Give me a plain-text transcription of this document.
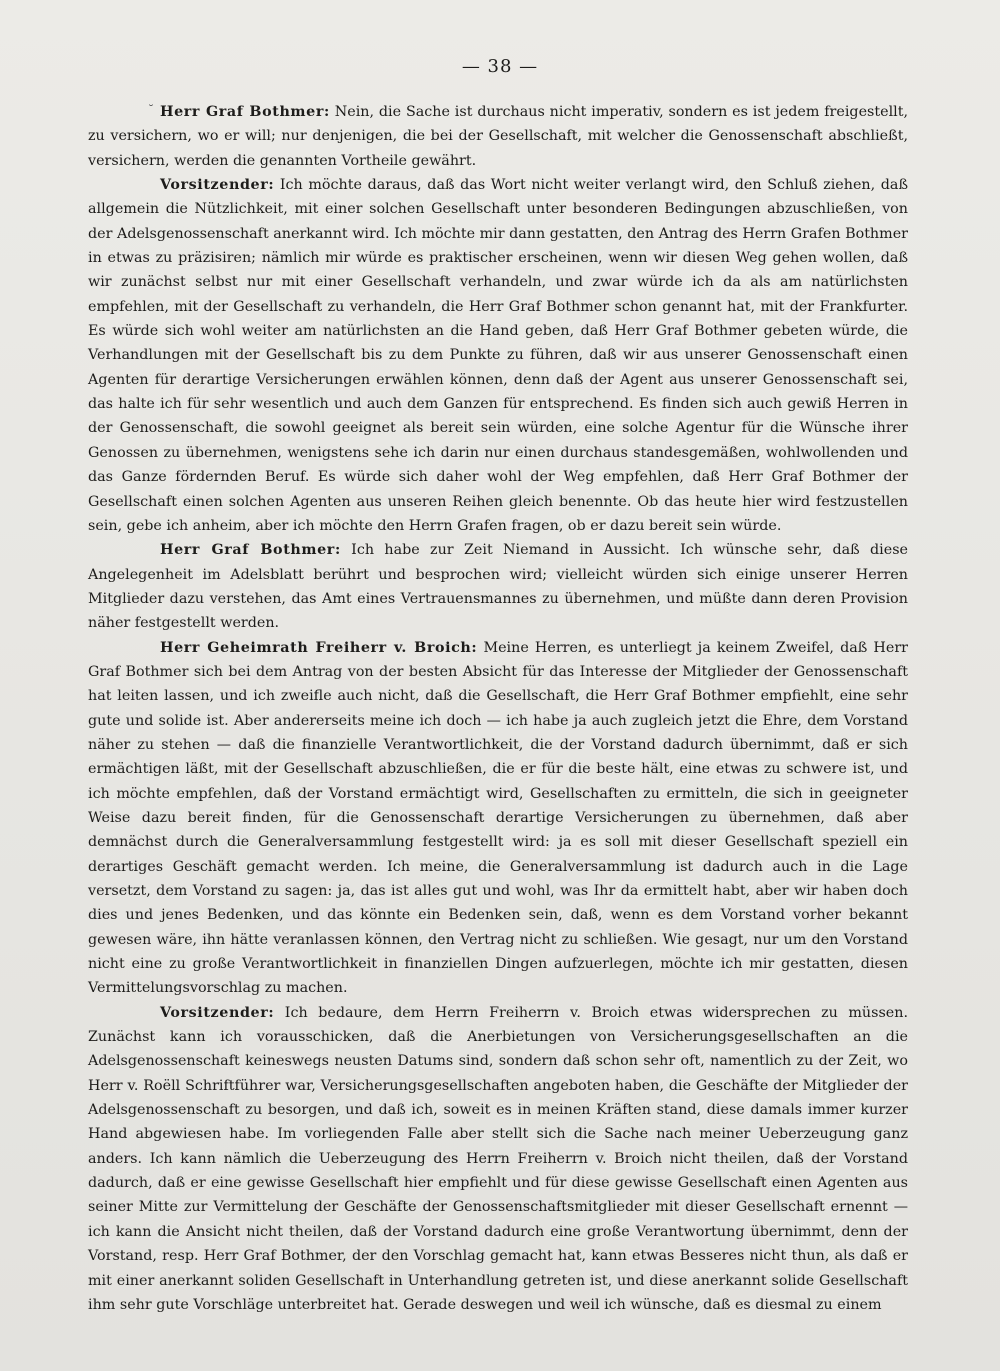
— 38 —
˘ Herr Graf Bothmer: Nein, die Sache ist durchaus nicht imperativ, sondern es ist jedem freigestellt, zu versichern, wo er will; nur denjenigen, die bei der Gesellschaft, mit welcher die Genossenschaft abschließt, versichern, werden die genannten Vortheile gewährt.

Vorsitzender: Ich möchte daraus, daß das Wort nicht weiter verlangt wird, den Schluß ziehen, daß allgemein die Nützlichkeit, mit einer solchen Gesellschaft unter besonderen Bedingungen abzuschließen, von der Adelsgenossenschaft anerkannt wird. Ich möchte mir dann gestatten, den Antrag des Herrn Grafen Bothmer in etwas zu präzisiren; nämlich mir würde es praktischer erscheinen, wenn wir diesen Weg gehen wollen, daß wir zunächst selbst nur mit einer Gesellschaft verhandeln, und zwar würde ich da als am natürlichsten empfehlen, mit der Gesellschaft zu verhandeln, die Herr Graf Bothmer schon genannt hat, mit der Frankfurter. Es würde sich wohl weiter am natürlichsten an die Hand geben, daß Herr Graf Bothmer gebeten würde, die Verhandlungen mit der Gesellschaft bis zu dem Punkte zu führen, daß wir aus unserer Genossenschaft einen Agenten für derartige Versicherungen erwählen können, denn daß der Agent aus unserer Genossenschaft sei, das halte ich für sehr wesentlich und auch dem Ganzen für entsprechend. Es finden sich auch gewiß Herren in der Genossenschaft, die sowohl geeignet als bereit sein würden, eine solche Agentur für die Wünsche ihrer Genossen zu übernehmen, wenigstens sehe ich darin nur einen durchaus standesgemäßen, wohlwollenden und das Ganze fördernden Beruf. Es würde sich daher wohl der Weg empfehlen, daß Herr Graf Bothmer der Gesellschaft einen solchen Agenten aus unseren Reihen gleich benennte. Ob das heute hier wird festzustellen sein, gebe ich anheim, aber ich möchte den Herrn Grafen fragen, ob er dazu bereit sein würde.

Herr Graf Bothmer: Ich habe zur Zeit Niemand in Aussicht. Ich wünsche sehr, daß diese Angelegenheit im Adelsblatt berührt und besprochen wird; vielleicht würden sich einige unserer Herren Mitglieder dazu verstehen, das Amt eines Vertrauensmannes zu übernehmen, und müßte dann deren Provision näher festgestellt werden.

Herr Geheimrath Freiherr v. Broich: Meine Herren, es unterliegt ja keinem Zweifel, daß Herr Graf Bothmer sich bei dem Antrag von der besten Absicht für das Interesse der Mitglieder der Genossenschaft hat leiten lassen, und ich zweifle auch nicht, daß die Gesellschaft, die Herr Graf Bothmer empfiehlt, eine sehr gute und solide ist. Aber andererseits meine ich doch — ich habe ja auch zugleich jetzt die Ehre, dem Vorstand näher zu stehen — daß die finanzielle Verantwortlichkeit, die der Vorstand dadurch übernimmt, daß er sich ermächtigen läßt, mit der Gesellschaft abzuschließen, die er für die beste hält, eine etwas zu schwere ist, und ich möchte empfehlen, daß der Vorstand ermächtigt wird, Gesellschaften zu ermitteln, die sich in geeigneter Weise dazu bereit finden, für die Genossenschaft derartige Versicherungen zu übernehmen, daß aber demnächst durch die Generalversammlung festgestellt wird: ja es soll mit dieser Gesellschaft speziell ein derartiges Geschäft gemacht werden. Ich meine, die Generalversammlung ist dadurch auch in die Lage versetzt, dem Vorstand zu sagen: ja, das ist alles gut und wohl, was Ihr da ermittelt habt, aber wir haben doch dies und jenes Bedenken, und das könnte ein Bedenken sein, daß, wenn es dem Vorstand vorher bekannt gewesen wäre, ihn hätte veranlassen können, den Vertrag nicht zu schließen. Wie gesagt, nur um den Vorstand nicht eine zu große Verantwortlichkeit in finanziellen Dingen aufzuerlegen, möchte ich mir gestatten, diesen Vermittelungsvorschlag zu machen.

Vorsitzender: Ich bedaure, dem Herrn Freiherrn v. Broich etwas widersprechen zu müssen. Zunächst kann ich vorausschicken, daß die Anerbietungen von Versicherungsgesellschaften an die Adelsgenossenschaft keineswegs neusten Datums sind, sondern daß schon sehr oft, namentlich zu der Zeit, wo Herr v. Roëll Schriftführer war, Versicherungsgesellschaften angeboten haben, die Geschäfte der Mitglieder der Adelsgenossenschaft zu besorgen, und daß ich, soweit es in meinen Kräften stand, diese damals immer kurzer Hand abgewiesen habe. Im vorliegenden Falle aber stellt sich die Sache nach meiner Ueberzeugung ganz anders. Ich kann nämlich die Ueberzeugung des Herrn Freiherrn v. Broich nicht theilen, daß der Vorstand dadurch, daß er eine gewisse Gesellschaft hier empfiehlt und für diese gewisse Gesellschaft einen Agenten aus seiner Mitte zur Vermittelung der Geschäfte der Genossenschaftsmitglieder mit dieser Gesellschaft ernennt — ich kann die Ansicht nicht theilen, daß der Vorstand dadurch eine große Verantwortung übernimmt, denn der Vorstand, resp. Herr Graf Bothmer, der den Vorschlag gemacht hat, kann etwas Besseres nicht thun, als daß er mit einer anerkannt soliden Gesellschaft in Unterhandlung getreten ist, und diese anerkannt solide Gesellschaft ihm sehr gute Vorschläge unterbreitet hat. Gerade deswegen und weil ich wünsche, daß es diesmal zu einem
